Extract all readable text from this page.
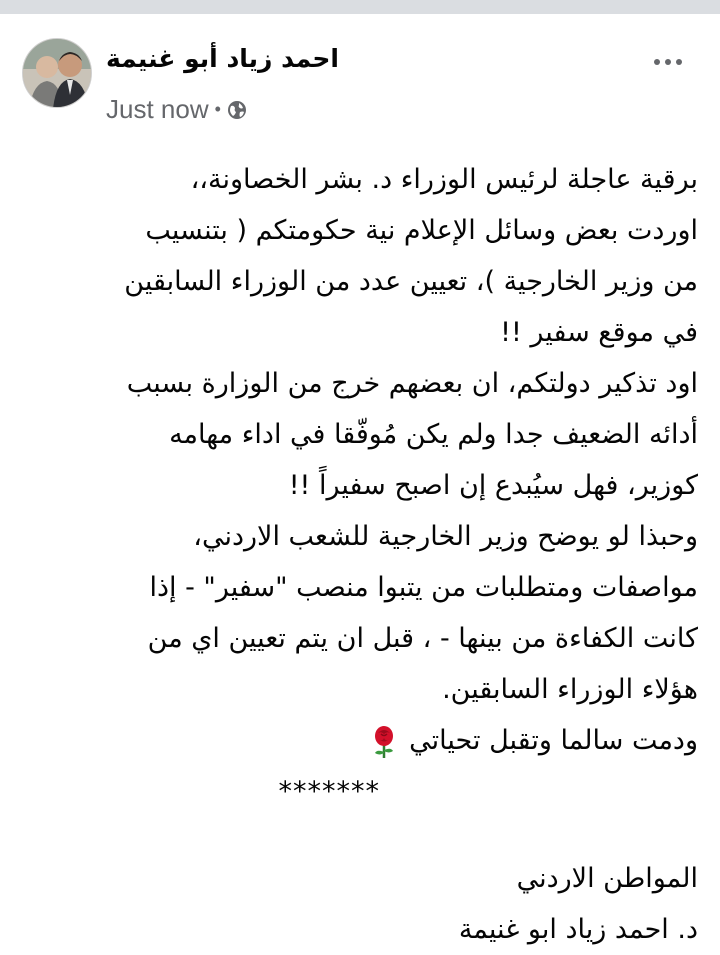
احمد زياد أبو غنيمة
Just now •
برقية عاجلة لرئيس الوزراء د. بشر الخصاونة،،
اوردت بعض وسائل الإعلام نية حكومتكم ( بتنسيب
من وزير الخارجية )، تعيين عدد من الوزراء السابقين
في موقع سفير !!
اود تذكير دولتكم، ان بعضهم خرج من الوزارة بسبب
أدائه الضعيف جدا ولم يكن مُوفّقا في اداء مهامه
كوزير، فهل سيُبدع إن اصبح سفيراً !!
وحبذا لو يوضح وزير الخارجية للشعب الاردني،
مواصفات ومتطلبات من يتبوا منصب "سفير" - إذا
كانت الكفاءة من بينها - ، قبل ان يتم تعيين اي من
هؤلاء الوزراء السابقين.
ودمت سالما وتقبل تحياتي
*******
المواطن الاردني
د. احمد زياد ابو غنيمة
